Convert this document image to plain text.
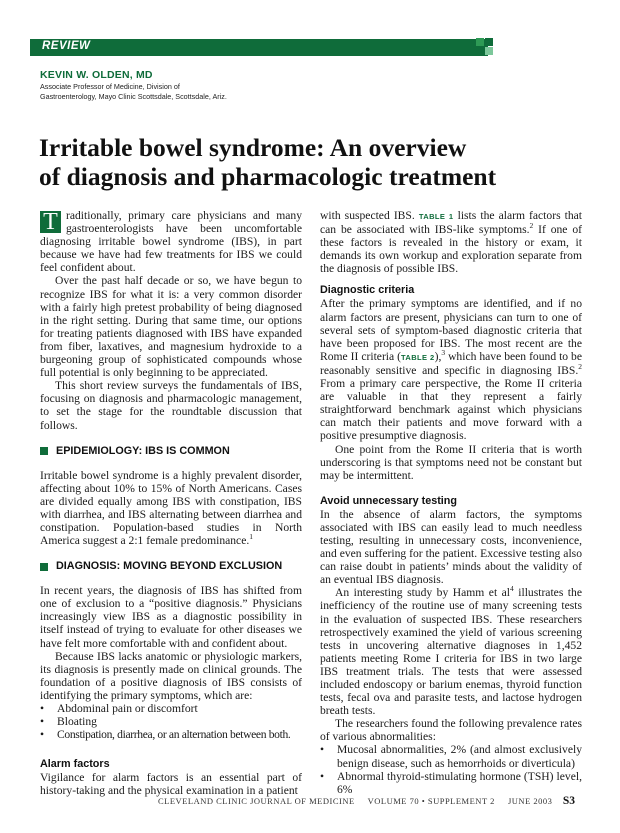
REVIEW
KEVIN W. OLDEN, MD
Associate Professor of Medicine, Division of
Gastroenterology, Mayo Clinic Scottsdale, Scottsdale, Ariz.
Irritable bowel syndrome: An overview
of diagnosis and pharmacologic treatment

T raditionally, primary care physicians and many gastroenterologists have been uncomfortable diagnosing irritable bowel syndrome (IBS), in part because we have had few treatments for IBS we could feel confident about.

Over the past half decade or so, we have begun to recognize IBS for what it is: a very common disorder with a fairly high pretest probability of being diagnosed in the right setting. During that same time, our options for treating patients diagnosed with IBS have expanded from fiber, laxatives, and magnesium hydroxide to a burgeoning group of sophisticated compounds whose full potential is only beginning to be appreciated.

This short review surveys the fundamentals of IBS, focusing on diagnosis and pharmacologic management, to set the stage for the roundtable discussion that follows.

EPIDEMIOLOGY: IBS IS COMMON

Irritable bowel syndrome is a highly prevalent disorder, affecting about 10% to 15% of North Americans. Cases are divided equally among IBS with constipation, IBS with diarrhea, and IBS alternating between diarrhea and constipation. Population-based studies in North America suggest a 2:1 female predominance.$^1$

DIAGNOSIS: MOVING BEYOND EXCLUSION

In recent years, the diagnosis of IBS has shifted from one of exclusion to a “positive diagnosis.” Physicians increasingly view IBS as a diagnostic possibility in itself instead of trying to evaluate for other diseases we have felt more comfortable with and confident about.

Because IBS lacks anatomic or physiologic markers, its diagnosis is presently made on clinical grounds. The foundation of a positive diagnosis of IBS consists of identifying the primary symptoms, which are:

• Abdominal pain or discomfort
• Bloating
• Constipation, diarrhea, or an alternation between both.
Alarm factors

Vigilance for alarm factors is an essential part of history-taking and the physical examination in a patient

with suspected IBS. TABLE 1 lists the alarm factors that can be associated with IBS-like symptoms.$^2$ If one of these factors is revealed in the history or exam, it demands its own workup and exploration separate from the diagnosis of possible IBS.

Diagnostic criteria

After the primary symptoms are identified, and if no alarm factors are present, physicians can turn to one of several sets of symptom-based diagnostic criteria that have been proposed for IBS. The most recent are the Rome II criteria (TABLE 2),$^3$ which have been found to be reasonably sensitive and specific in diagnosing IBS.$^2$ From a primary care perspective, the Rome II criteria are valuable in that they represent a fairly straightforward benchmark against which physicians can match their patients and move forward with a positive presumptive diagnosis.

One point from the Rome II criteria that is worth underscoring is that symptoms need not be constant but may be intermittent.

Avoid unnecessary testing

In the absence of alarm factors, the symptoms associated with IBS can easily lead to much needless testing, resulting in unnecessary costs, inconvenience, and even suffering for the patient. Excessive testing also can raise doubt in patients’ minds about the validity of an eventual IBS diagnosis.

An interesting study by Hamm et $al^4$ illustrates the inefficiency of the routine use of many screening tests in the evaluation of suspected IBS. These researchers retrospectively examined the yield of various screening tests in uncovering alternative diagnoses in 1,452 patients meeting Rome I criteria for IBS in two large IBS treatment trials. The tests that were assessed included endoscopy or barium enemas, thyroid function tests, fecal ova and parasite tests, and lactose hydrogen breath tests.

The researchers found the following prevalence rates of various abnormalities:

• Mucosal abnormalities, 2% (and almost exclusively benign disease, such as hemorrhoids or diverticula)
• Abnormal thyroid-stimulating hormone (TSH) level, 6%
CLEVELAND CLINIC JOURNAL OF MEDICINE VOLUME 70 • SUPPLEMENT 2 JUNE 2003 S3
